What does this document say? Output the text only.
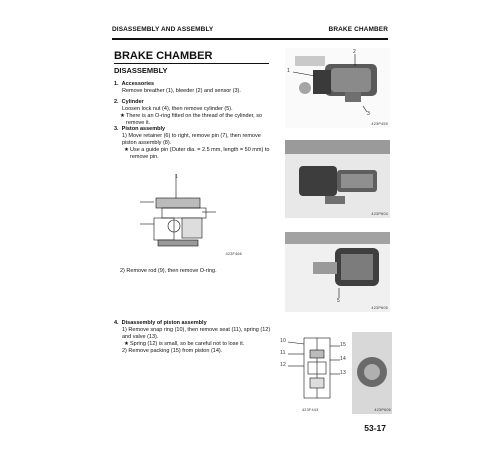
DISASSEMBLY AND ASSEMBLY	BRAKE CHAMBER
BRAKE CHAMBER
DISASSEMBLY
1. Accessories
Remove breather (1), bleeder (2) and sensor (3).
2. Cylinder
Loosen lock nut (4), then remove cylinder (5).
★ There is an O-ring fitted on the thread of the cylinder, so remove it.
3. Piston assembly
1) Move retainer (6) to right, remove pin (7), then remove piston assembly (8).
★ Use a guide pin (Outer dia. = 2.5 mm, length = 50 mm) to remove pin.
2) Remove rod (9), then remove O-ring.
4. Disassembly of piston assembly
1) Remove snap ring (10), then remove seat (11), spring (12) and valve (13).
★ Spring (12) is small, so be careful not to lose it.
2) Remove packing (15) from piston (14).
1
2
3
423P459
423P604
1
423F466
5
423P605
10
11
12
15
14
13
423F443	423P606
53-17
